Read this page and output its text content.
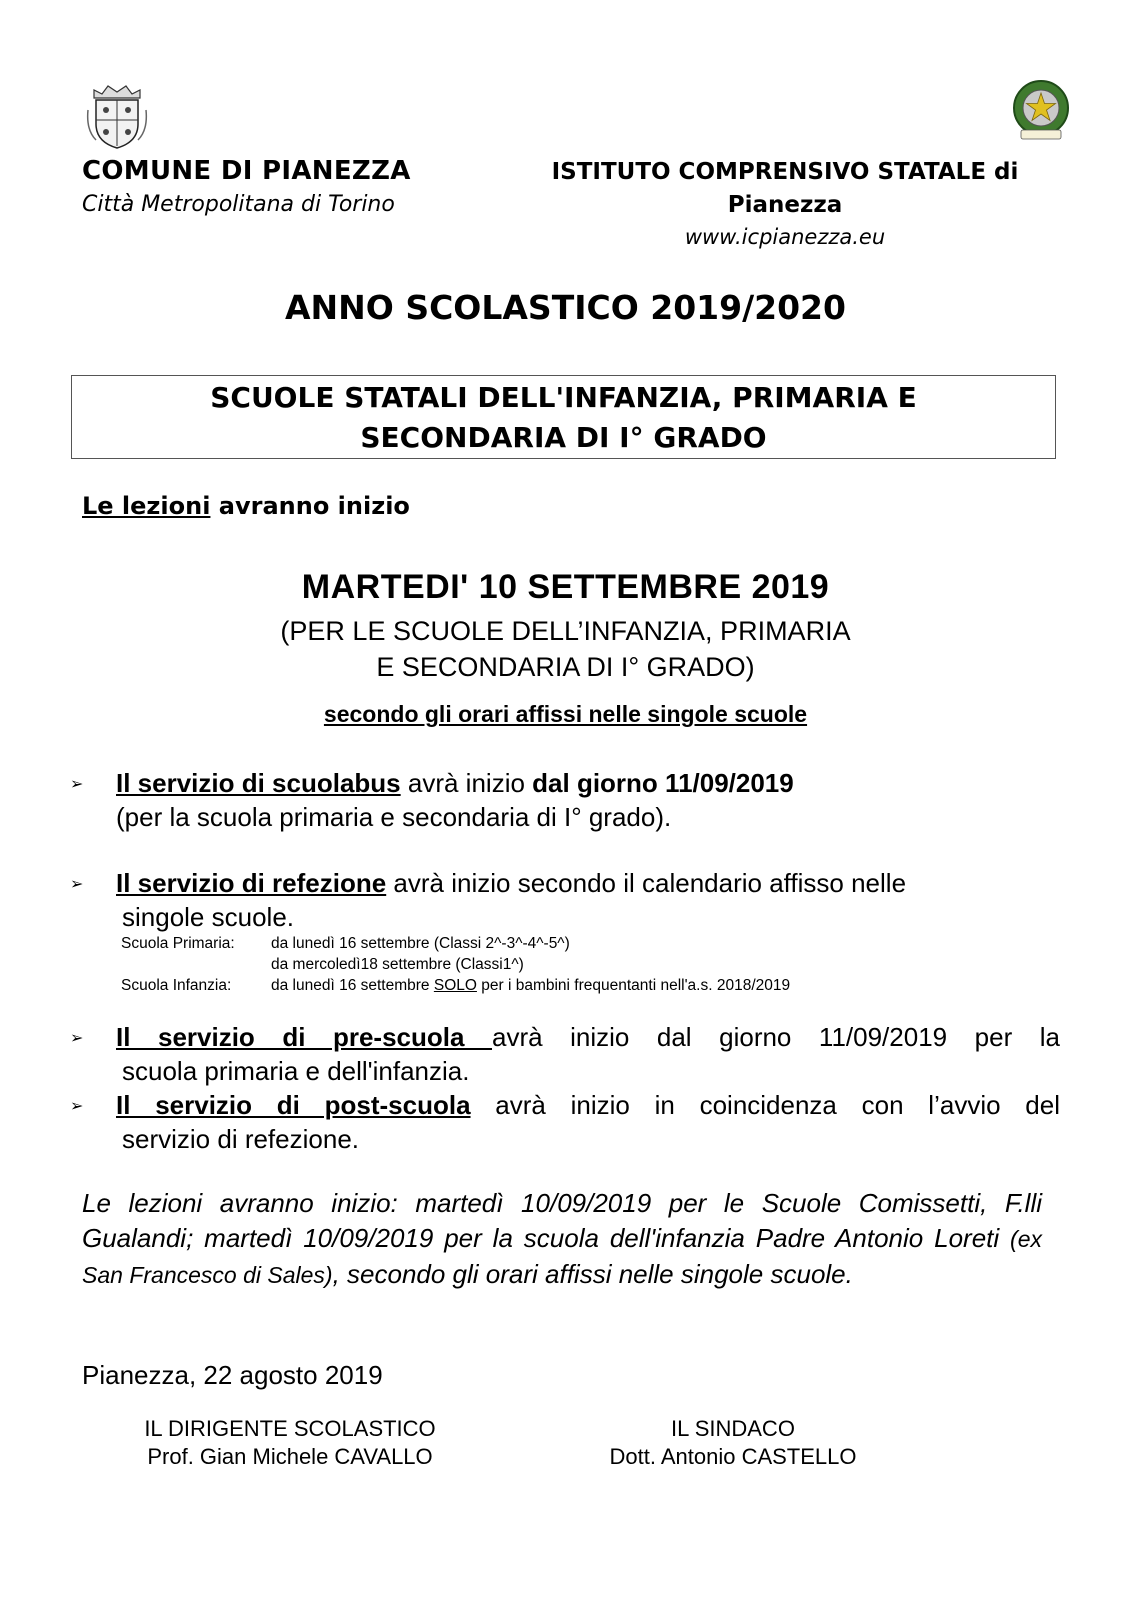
COMUNE DI PIANEZZA
Città Metropolitana di Torino
ISTITUTO COMPRENSIVO STATALE di
Pianezza
www.icpianezza.eu
ANNO SCOLASTICO 2019/2020
SCUOLE STATALI DELL'INFANZIA, PRIMARIA E
SECONDARIA DI I° GRADO
Le lezioni avranno inizio
MARTEDI' 10 SETTEMBRE 2019
(PER LE SCUOLE DELL’INFANZIA, PRIMARIA
E SECONDARIA DI I° GRADO)
secondo gli orari affissi nelle singole scuole
➢ Il servizio di scuolabus avrà inizio dal giorno 11/09/2019
(per la scuola primaria e secondaria di I° grado).
➢ Il servizio di refezione avrà inizio secondo il calendario affisso nelle
singole scuole.
Scuola Primaria: da lunedì 16 settembre (Classi 2^-3^-4^-5^)
da mercoledì18 settembre (Classi1^)
Scuola Infanzia:	da lunedì 16 settembre SOLO per i bambini frequentanti nell'a.s. 2018/2019
➢ Il servizio di pre-scuola avrà inizio dal giorno 11/09/2019 per la
scuola primaria e dell'infanzia.
➢ Il servizio di post-scuola avrà inizio in coincidenza con l’avvio del
servizio di refezione.
Le lezioni avranno inizio: martedì 10/09/2019 per le Scuole Comissetti, F.lli Gualandi; martedì 10/09/2019 per la scuola dell'infanzia Padre Antonio Loreti (ex San Francesco di Sales), secondo gli orari affissi nelle singole scuole.
Pianezza, 22 agosto 2019
IL DIRIGENTE SCOLASTICO
Prof. Gian Michele CAVALLO
IL SINDACO
Dott. Antonio CASTELLO
